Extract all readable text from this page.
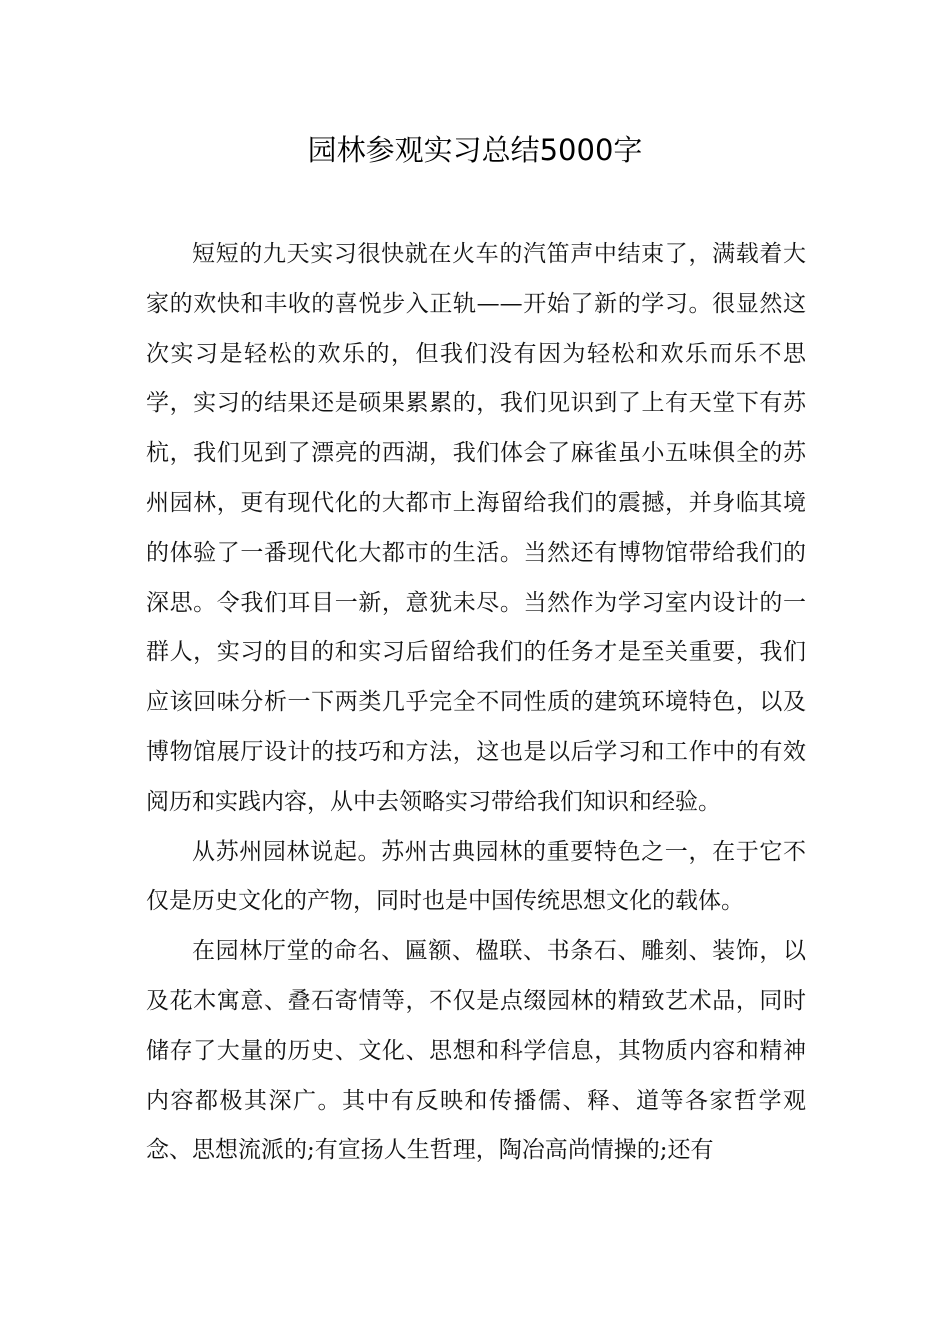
园林参观实习总结5000字

短短的九天实习很快就在火车的汽笛声中结束了，满载着大家的欢快和丰收的喜悦步入正轨——开始了新的学习。很显然这次实习是轻松的欢乐的，但我们没有因为轻松和欢乐而乐不思学，实习的结果还是硕果累累的，我们见识到了上有天堂下有苏杭，我们见到了漂亮的西湖，我们体会了麻雀虽小五味俱全的苏州园林，更有现代化的大都市上海留给我们的震撼，并身临其境的体验了一番现代化大都市的生活。当然还有博物馆带给我们的深思。令我们耳目一新，意犹未尽。当然作为学习室内设计的一群人，实习的目的和实习后留给我们的任务才是至关重要，我们应该回味分析一下两类几乎完全不同性质的建筑环境特色，以及博物馆展厅设计的技巧和方法，这也是以后学习和工作中的有效阅历和实践内容，从中去领略实习带给我们知识和经验。

从苏州园林说起。苏州古典园林的重要特色之一，在于它不仅是历史文化的产物，同时也是中国传统思想文化的载体。

在园林厅堂的命名、匾额、楹联、书条石、雕刻、装饰，以及花木寓意、叠石寄情等，不仅是点缀园林的精致艺术品，同时储存了大量的历史、文化、思想和科学信息，其物质内容和精神内容都极其深广。其中有反映和传播儒、释、道等各家哲学观念、思想流派的;有宣扬人生哲理，陶冶高尚情操的;还有
